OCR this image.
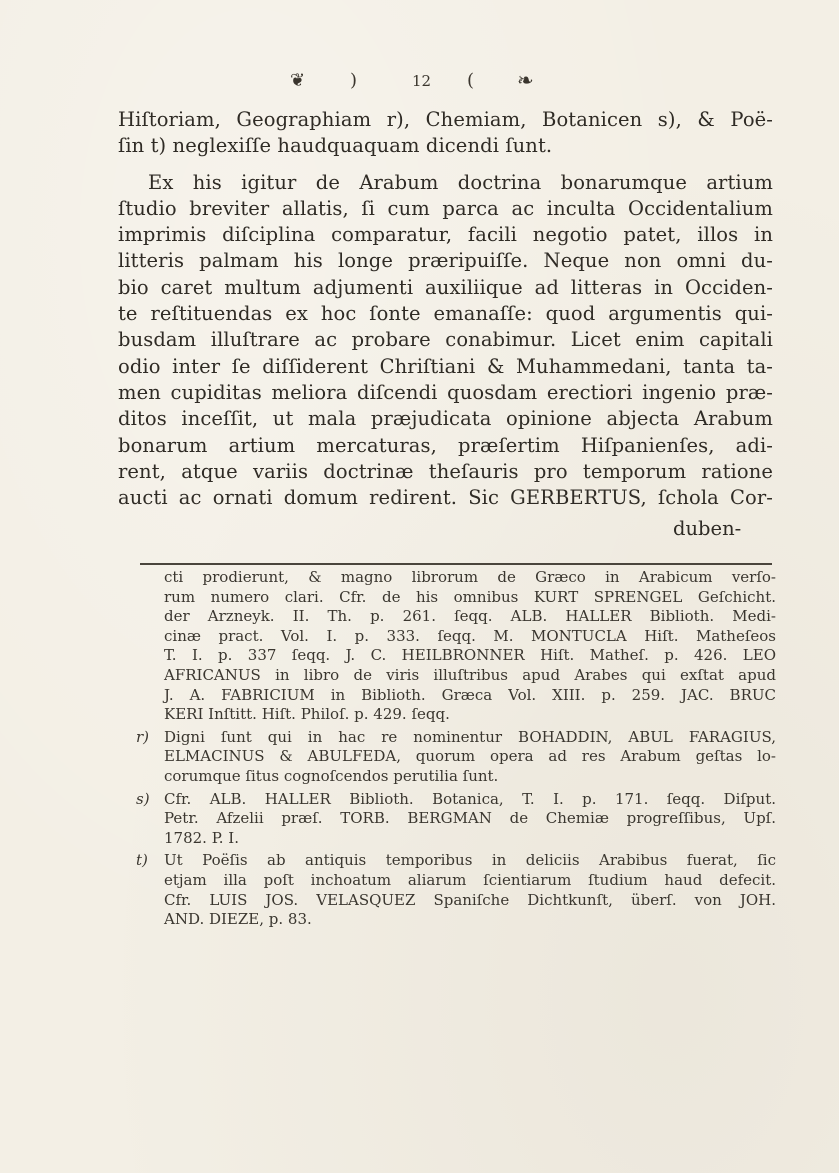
❦ )	12 ( ❧

Hiſtoriam, Geographiam r), Chemiam, Botanicen s), & Poë-
ſin t) neglexiſſe haudquaquam dicendi ſunt.

Ex his igitur de Arabum doctrina bonarumque artium
ſtudio breviter allatis, ſi cum parca ac inculta Occidentalium
imprimis diſciplina comparatur, facili negotio patet, illos in
litteris palmam his longe præripuiſſe. Neque non omni du-
bio caret multum adjumenti auxiliique ad litteras in Occiden-
te reſtituendas ex hoc ſonte emanaſſe: quod argumentis qui-
busdam illuſtrare ac probare conabimur. Licet enim capitali
odio inter ſe diſſiderent Chriſtiani & Muhammedani, tanta ta-
men cupiditas meliora diſcendi quosdam erectiori ingenio præ-
ditos inceſſit, ut mala præjudicata opinione abjecta Arabum
bonarum artium mercaturas, præſertim Hiſpanienſes, adi-
rent, atque variis doctrinæ theſauris pro temporum ratione
aucti ac ornati domum redirent. Sic GERBERTUS, ſchola Cor-

duben-
cti prodierunt, & magno librorum de Græco in Arabicum verſo-
rum numero clari. Cfr. de his omnibus KURT SPRENGEL Geſchicht.
der Arzneyk. II. Th. p. 261. ſeqq. ALB. HALLER Biblioth. Medi-
cinæ pract. Vol. I. p. 333. ſeqq. M. MONTUCLA Hiſt. Matheſeos
T. I. p. 337 ſeqq. J. C. HEILBRONNER Hiſt. Matheſ. p. 426. LEO
AFRICANUS in libro de viris illuſtribus apud Arabes qui exſtat apud
J. A. FABRICIUM in Biblioth. Græca Vol. XIII. p. 259. JAC. BRUC
KERI Inſtitt. Hiſt. Philoſ. p. 429. ſeqq.
r) Digni ſunt qui in hac re nominentur BOHADDIN, ABUL FARAGIUS,
ELMACINUS & ABULFEDA, quorum opera ad res Arabum geſtas lo-
corumque ſitus cognoſcendos perutilia ſunt.
s) Cfr. ALB. HALLER Biblioth. Botanica, T. I. p. 171. ſeqq. Diſput.
Petr. Afzelii præſ. TORB. BERGMAN de Chemiæ progreſſibus, Upſ.
1782. P. I.
t)	Ut Poëſis ab antiquis temporibus in deliciis Arabibus fuerat, ſic
etjam illa poſt inchoatum aliarum ſcientiarum ſtudium haud defecit.
Cfr. LUIS JOS. VELASQUEZ Spaniſche Dichtkunſt, überſ. von JOH.
AND. DIEZE, p. 83.
